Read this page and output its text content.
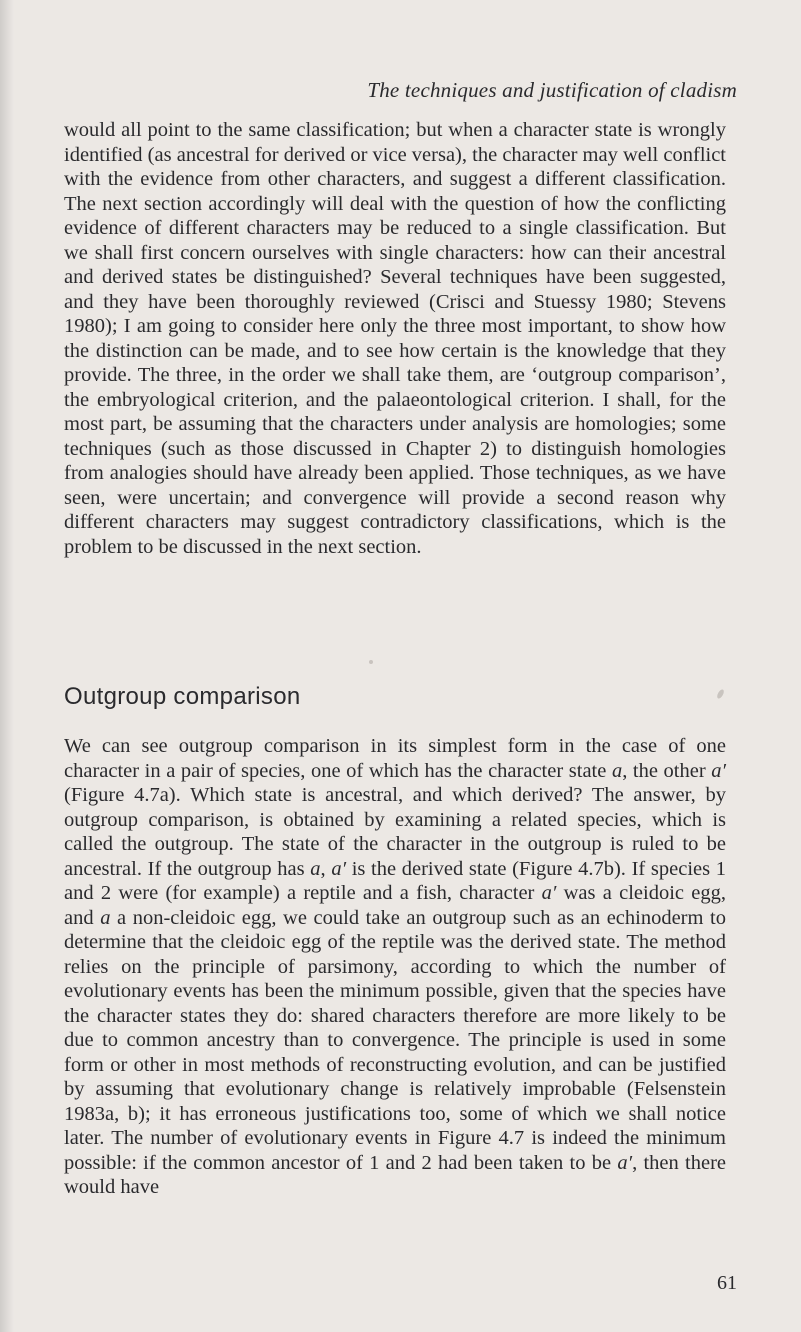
The techniques and justification of cladism

would all point to the same classification; but when a character state is wrongly identified (as ancestral for derived or vice versa), the character may well conflict with the evidence from other characters, and suggest a different classification. The next section accordingly will deal with the question of how the conflicting evidence of different characters may be reduced to a single classification. But we shall first concern ourselves with single characters: how can their ancestral and derived states be distinguished? Several techniques have been suggested, and they have been thoroughly reviewed (Crisci and Stuessy 1980; Stevens 1980); I am going to consider here only the three most important, to show how the distinction can be made, and to see how certain is the knowledge that they provide. The three, in the order we shall take them, are ‘outgroup comparison’, the embryological criterion, and the palaeontological criterion. I shall, for the most part, be assuming that the characters under analysis are homologies; some techniques (such as those discussed in Chapter 2) to distinguish homologies from analogies should have already been applied. Those techniques, as we have seen, were uncertain; and convergence will provide a second reason why different characters may suggest contradictory classifications, which is the problem to be discussed in the next section.

Outgroup comparison

We can see outgroup comparison in its simplest form in the case of one character in a pair of species, one of which has the character state a, the other a′ (Figure 4.7a). Which state is ancestral, and which derived? The answer, by outgroup comparison, is obtained by examining a related species, which is called the outgroup. The state of the character in the outgroup is ruled to be ancestral. If the outgroup has a, a′ is the derived state (Figure 4.7b). If species 1 and 2 were (for example) a reptile and a fish, character a′ was a cleidoic egg, and a a non-cleidoic egg, we could take an outgroup such as an echinoderm to determine that the cleidoic egg of the reptile was the derived state. The method relies on the principle of parsimony, according to which the number of evolutionary events has been the minimum possible, given that the species have the character states they do: shared characters therefore are more likely to be due to common ancestry than to convergence. The principle is used in some form or other in most methods of reconstructing evolution, and can be justified by assuming that evolutionary change is relatively improbable (Felsenstein 1983a, b); it has erroneous justifications too, some of which we shall notice later. The number of evolutionary events in Figure 4.7 is indeed the minimum possible: if the common ancestor of 1 and 2 had been taken to be a′, then there would have

61
